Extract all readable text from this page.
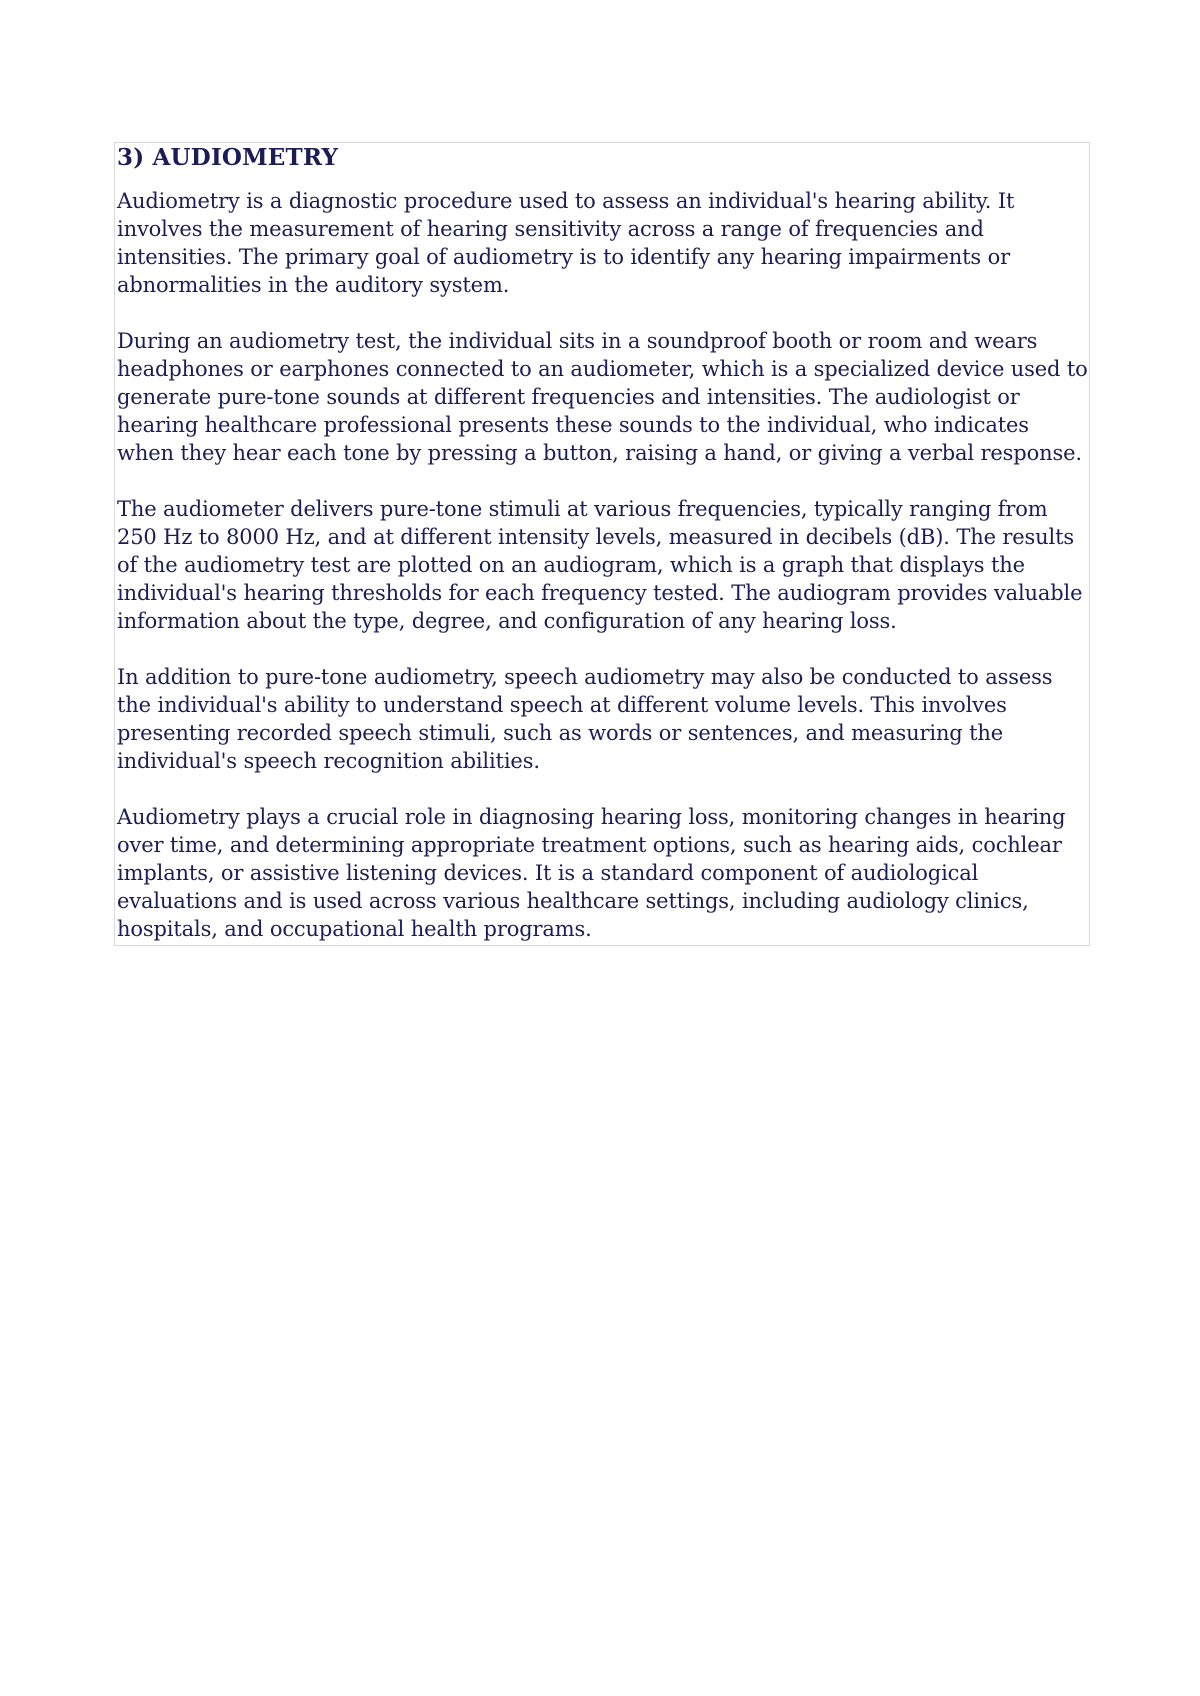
3) AUDIOMETRY

Audiometry is a diagnostic procedure used to assess an individual's hearing ability. It involves the measurement of hearing sensitivity across a range of frequencies and intensities. The primary goal of audiometry is to identify any hearing impairments or abnormalities in the auditory system.

During an audiometry test, the individual sits in a soundproof booth or room and wears headphones or earphones connected to an audiometer, which is a specialized device used to generate pure-tone sounds at different frequencies and intensities. The audiologist or hearing healthcare professional presents these sounds to the individual, who indicates when they hear each tone by pressing a button, raising a hand, or giving a verbal response.

The audiometer delivers pure-tone stimuli at various frequencies, typically ranging from 250 Hz to 8000 Hz, and at different intensity levels, measured in decibels (dB). The results of the audiometry test are plotted on an audiogram, which is a graph that displays the individual's hearing thresholds for each frequency tested. The audiogram provides valuable information about the type, degree, and configuration of any hearing loss.

In addition to pure-tone audiometry, speech audiometry may also be conducted to assess the individual's ability to understand speech at different volume levels. This involves presenting recorded speech stimuli, such as words or sentences, and measuring the individual's speech recognition abilities.

Audiometry plays a crucial role in diagnosing hearing loss, monitoring changes in hearing over time, and determining appropriate treatment options, such as hearing aids, cochlear implants, or assistive listening devices. It is a standard component of audiological evaluations and is used across various healthcare settings, including audiology clinics, hospitals, and occupational health programs.
